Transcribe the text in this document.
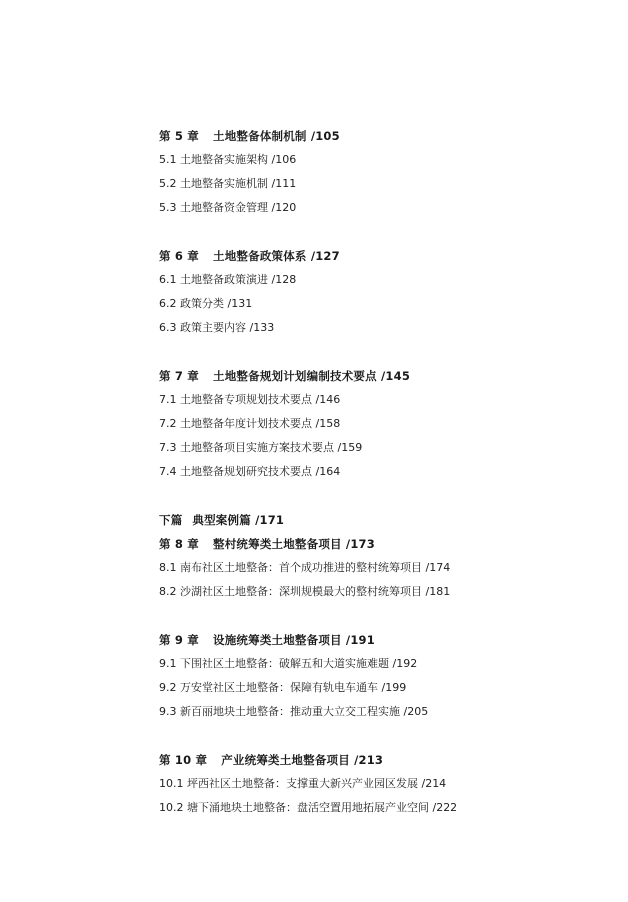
第 5 章 土地整备体制机制 /105
5.1 土地整备实施架构 /106
5.2 土地整备实施机制 /111
5.3 土地整备资金管理 /120
第 6 章 土地整备政策体系 /127
6.1 土地整备政策演进 /128
6.2 政策分类 /131
6.3 政策主要内容 /133
第 7 章 土地整备规划计划编制技术要点 /145
7.1 土地整备专项规划技术要点 /146
7.2 土地整备年度计划技术要点 /158
7.3 土地整备项目实施方案技术要点 /159
7.4 土地整备规划研究技术要点 /164
下篇 典型案例篇 /171
第 8 章 整村统筹类土地整备项目 /173
8.1 南布社区土地整备：首个成功推进的整村统筹项目 /174
8.2 沙湖社区土地整备：深圳规模最大的整村统筹项目 /181
第 9 章 设施统筹类土地整备项目 /191
9.1 下围社区土地整备：破解五和大道实施难题 /192
9.2 万安堂社区土地整备：保障有轨电车通车 /199
9.3 新百丽地块土地整备：推动重大立交工程实施 /205
第 10 章 产业统筹类土地整备项目 /213
10.1 坪西社区土地整备：支撑重大新兴产业园区发展 /214
10.2 塘下涌地块土地整备：盘活空置用地拓展产业空间 /222
